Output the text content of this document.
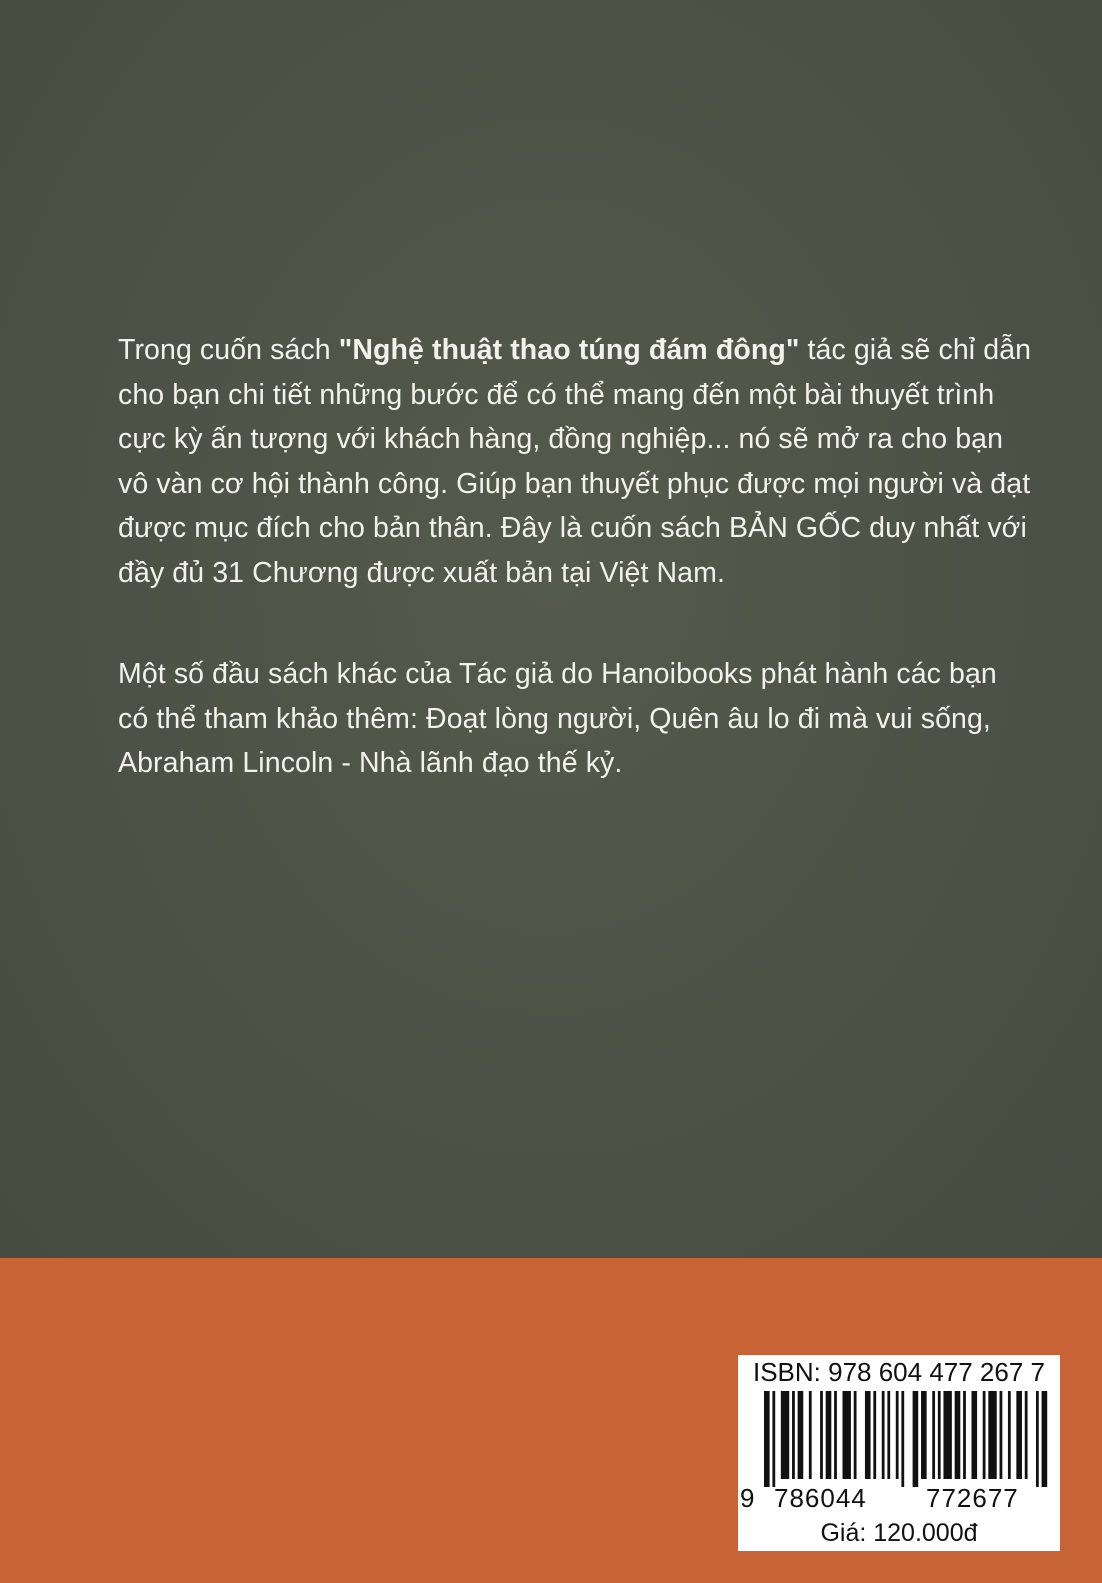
Trong cuốn sách "Nghệ thuật thao túng đám đông" tác giả sẽ chỉ dẫn
cho bạn chi tiết những bước để có thể mang đến một bài thuyết trình
cực kỳ ấn tượng với khách hàng, đồng nghiệp... nó sẽ mở ra cho bạn
vô vàn cơ hội thành công. Giúp bạn thuyết phục được mọi người và đạt
được mục đích cho bản thân. Đây là cuốn sách BẢN GỐC duy nhất với
đầy đủ 31 Chương được xuất bản tại Việt Nam.
Một số đầu sách khác của Tác giả do Hanoibooks phát hành các bạn
có thể tham khảo thêm: Đoạt lòng người, Quên âu lo đi mà vui sống,
Abraham Lincoln - Nhà lãnh đạo thế kỷ.
ISBN: 978 604 477 267 7
9 786044 772677
Giá: 120.000đ
